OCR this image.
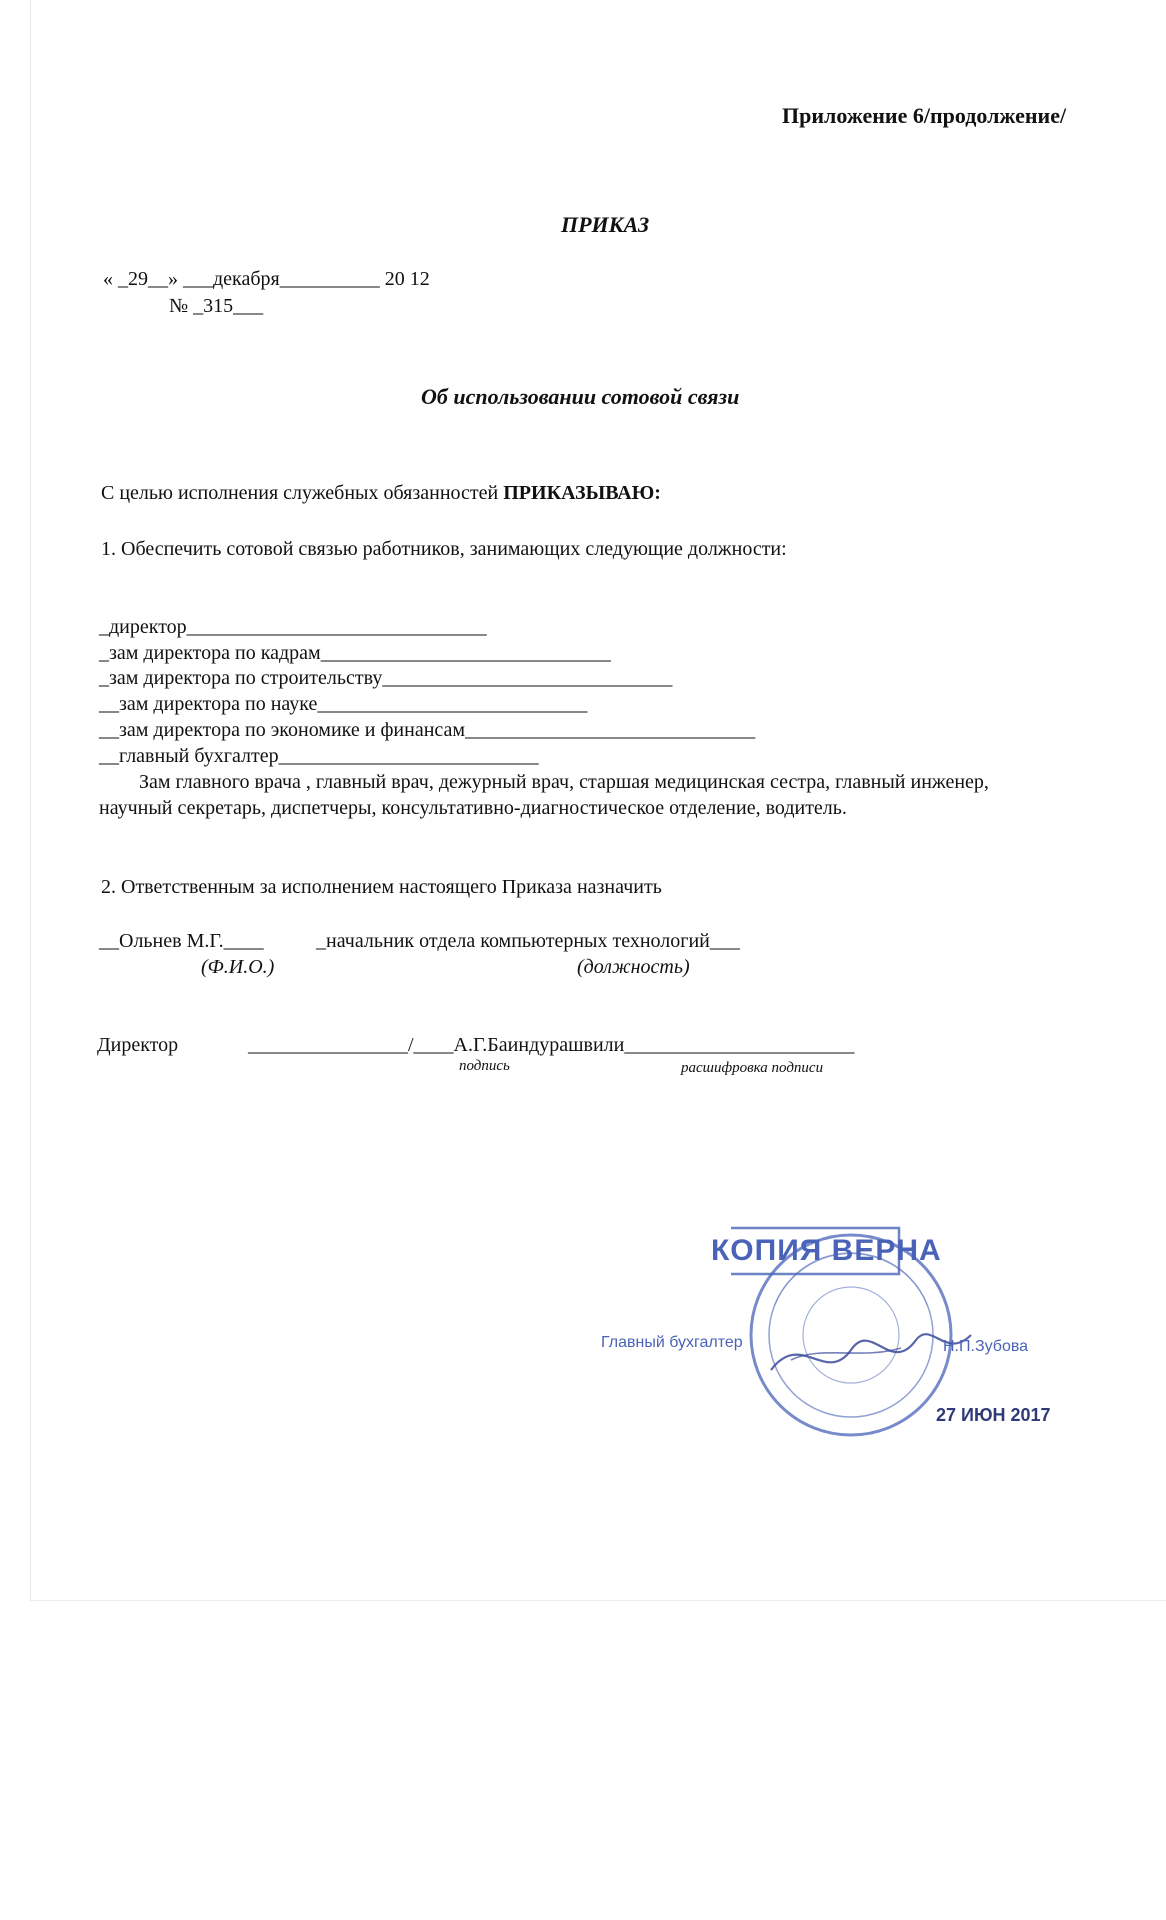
Приложение 6/продолжение/
ПРИКАЗ
« _29__» ___декабря__________ 20 12
№ _315___
Об использовании сотовой связи
С целью исполнения служебных обязанностей ПРИКАЗЫВАЮ:
1. Обеспечить сотовой связью работников, занимающих следующие должности:
_директор______________________________
_зам директора по кадрам_____________________________
_зам директора по строительству_____________________________
__зам директора по науке___________________________
__зам директора по экономике и финансам_____________________________
__главный бухгалтер__________________________
Зам главного врача , главный врач, дежурный врач, старшая медицинская сестра, главный инженер,
научный секретарь, диспетчеры, консультативно-диагностическое отделение, водитель.
2. Ответственным за исполнением настоящего Приказа назначить
__Ольнев М.Г.____	_начальник отдела компьютерных технологий___
(Ф.И.О.)	(должность)
Директор	________________/____А.Г.Баиндурашвили_______________________
подпись	расшифровка подписи
КОПИЯ ВЕРНА
Главный бухгалтер	Н.П.Зубова
27 ИЮН 2017
